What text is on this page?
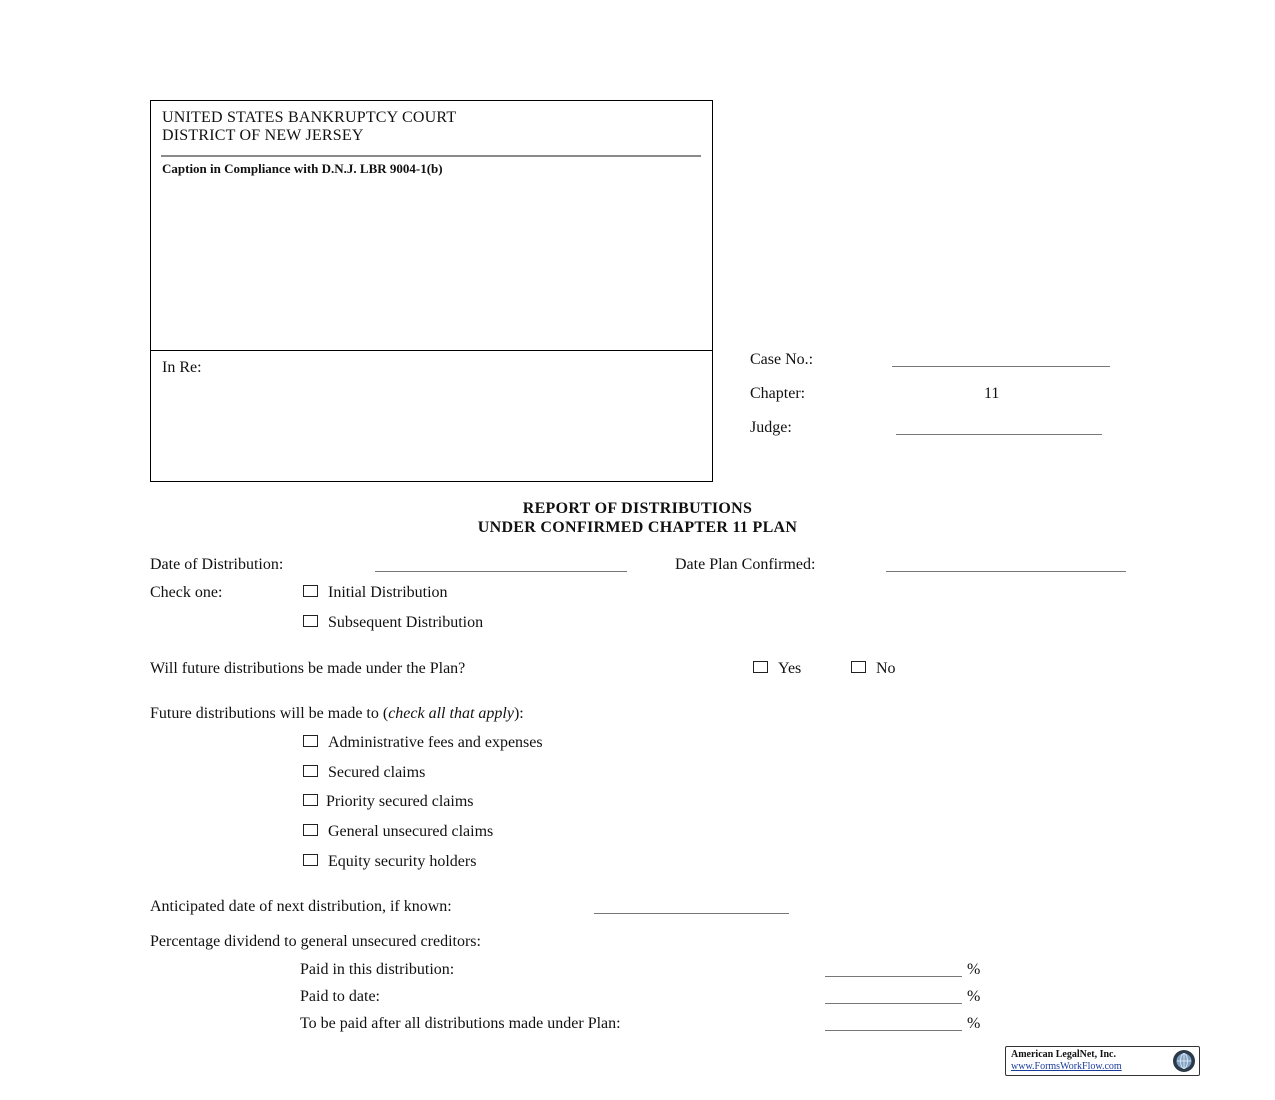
UNITED STATES BANKRUPTCY COURT
DISTRICT OF NEW JERSEY
Caption in Compliance with D.N.J. LBR 9004-1(b)
In Re:	Case No.:
Chapter:	11
Judge:
REPORT OF DISTRIBUTIONS
UNDER CONFIRMED CHAPTER 11 PLAN
Date of Distribution:	Date Plan Confirmed:
Check one:	Initial Distribution
Subsequent Distribution
Will future distributions be made under the Plan?	Yes	No
Future distributions will be made to (check all that apply):
Administrative fees and expenses
Secured claims
Priority secured claims
General unsecured claims
Equity security holders
Anticipated date of next distribution, if known:
Percentage dividend to general unsecured creditors:
Paid in this distribution:	%
Paid to date:	%
To be paid after all distributions made under Plan:	%
American LegalNet, Inc.
www.FormsWorkFlow.com
